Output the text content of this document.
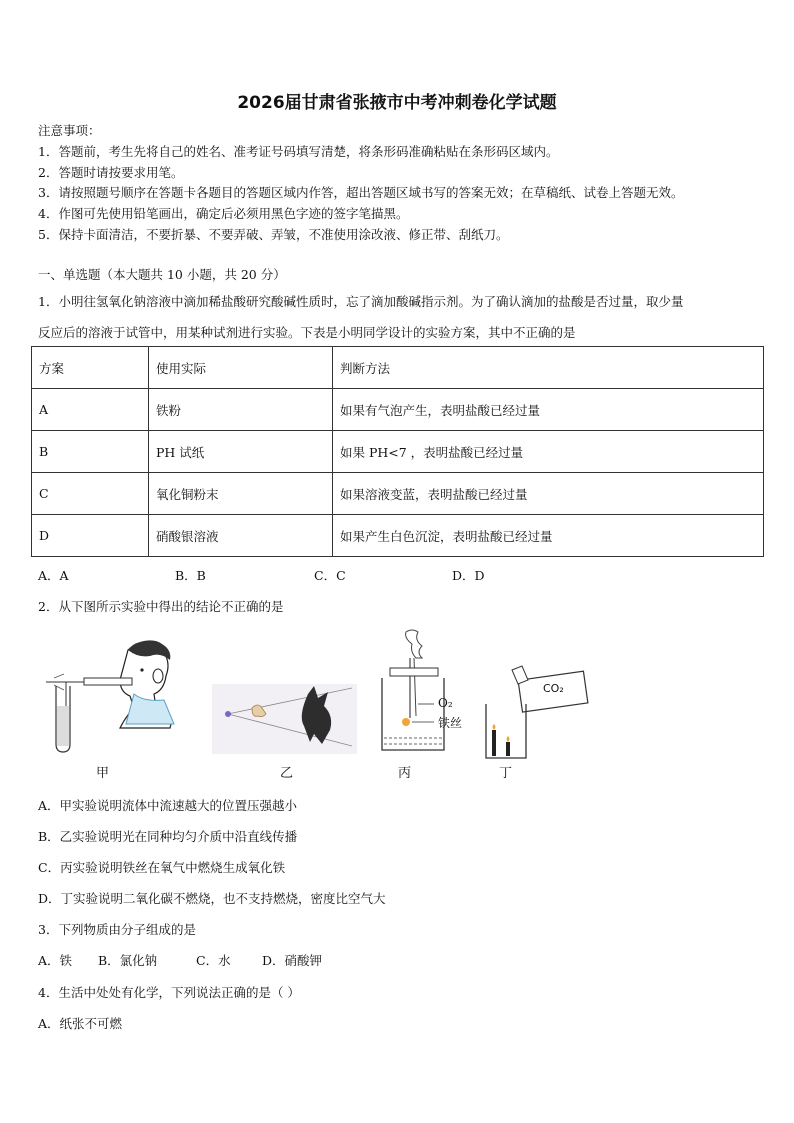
2026届甘肃省张掖市中考冲刺卷化学试题
注意事项：
1．答题前，考生先将自己的姓名、准考证号码填写清楚，将条形码准确粘贴在条形码区域内。
2．答题时请按要求用笔。
3．请按照题号顺序在答题卡各题目的答题区域内作答，超出答题区域书写的答案无效；在草稿纸、试卷上答题无效。
4．作图可先使用铅笔画出，确定后必须用黑色字迹的签字笔描黑。
5．保持卡面清洁，不要折暴、不要弄破、弄皱，不准使用涂改液、修正带、刮纸刀。
一、单选题（本大题共 10 小题，共 20 分）
1．小明往氢氧化钠溶液中滴加稀盐酸研究酸碱性质时，忘了滴加酸碱指示剂。为了确认滴加的盐酸是否过量，取少量
反应后的溶液于试管中，用某种试剂进行实验。下表是小明同学设计的实验方案，其中不正确的是
方案	使用实际	判断方法
A	铁粉	如果有气泡产生，表明盐酸已经过量
B	PH 试纸	如果 PH<7 ，表明盐酸已经过量
C	氧化铜粉末	如果溶液变蓝，表明盐酸已经过量
D	硝酸银溶液	如果产生白色沉淀，表明盐酸已经过量
A．A	B．B	C．C	D．D
2．从下图所示实验中得出的结论不正确的是
O₂
铁丝
CO₂
甲	乙	丙	丁
A．甲实验说明流体中流速越大的位置压强越小
B．乙实验说明光在同种均匀介质中沿直线传播
C．丙实验说明铁丝在氧气中燃烧生成氧化铁
D．丁实验说明二氧化碳不燃烧，也不支持燃烧，密度比空气大
3．下列物质由分子组成的是
A．铁 B．氯化钠	C．水	D．硝酸钾
4．生活中处处有化学，下列说法正确的是（ ）
A．纸张不可燃
